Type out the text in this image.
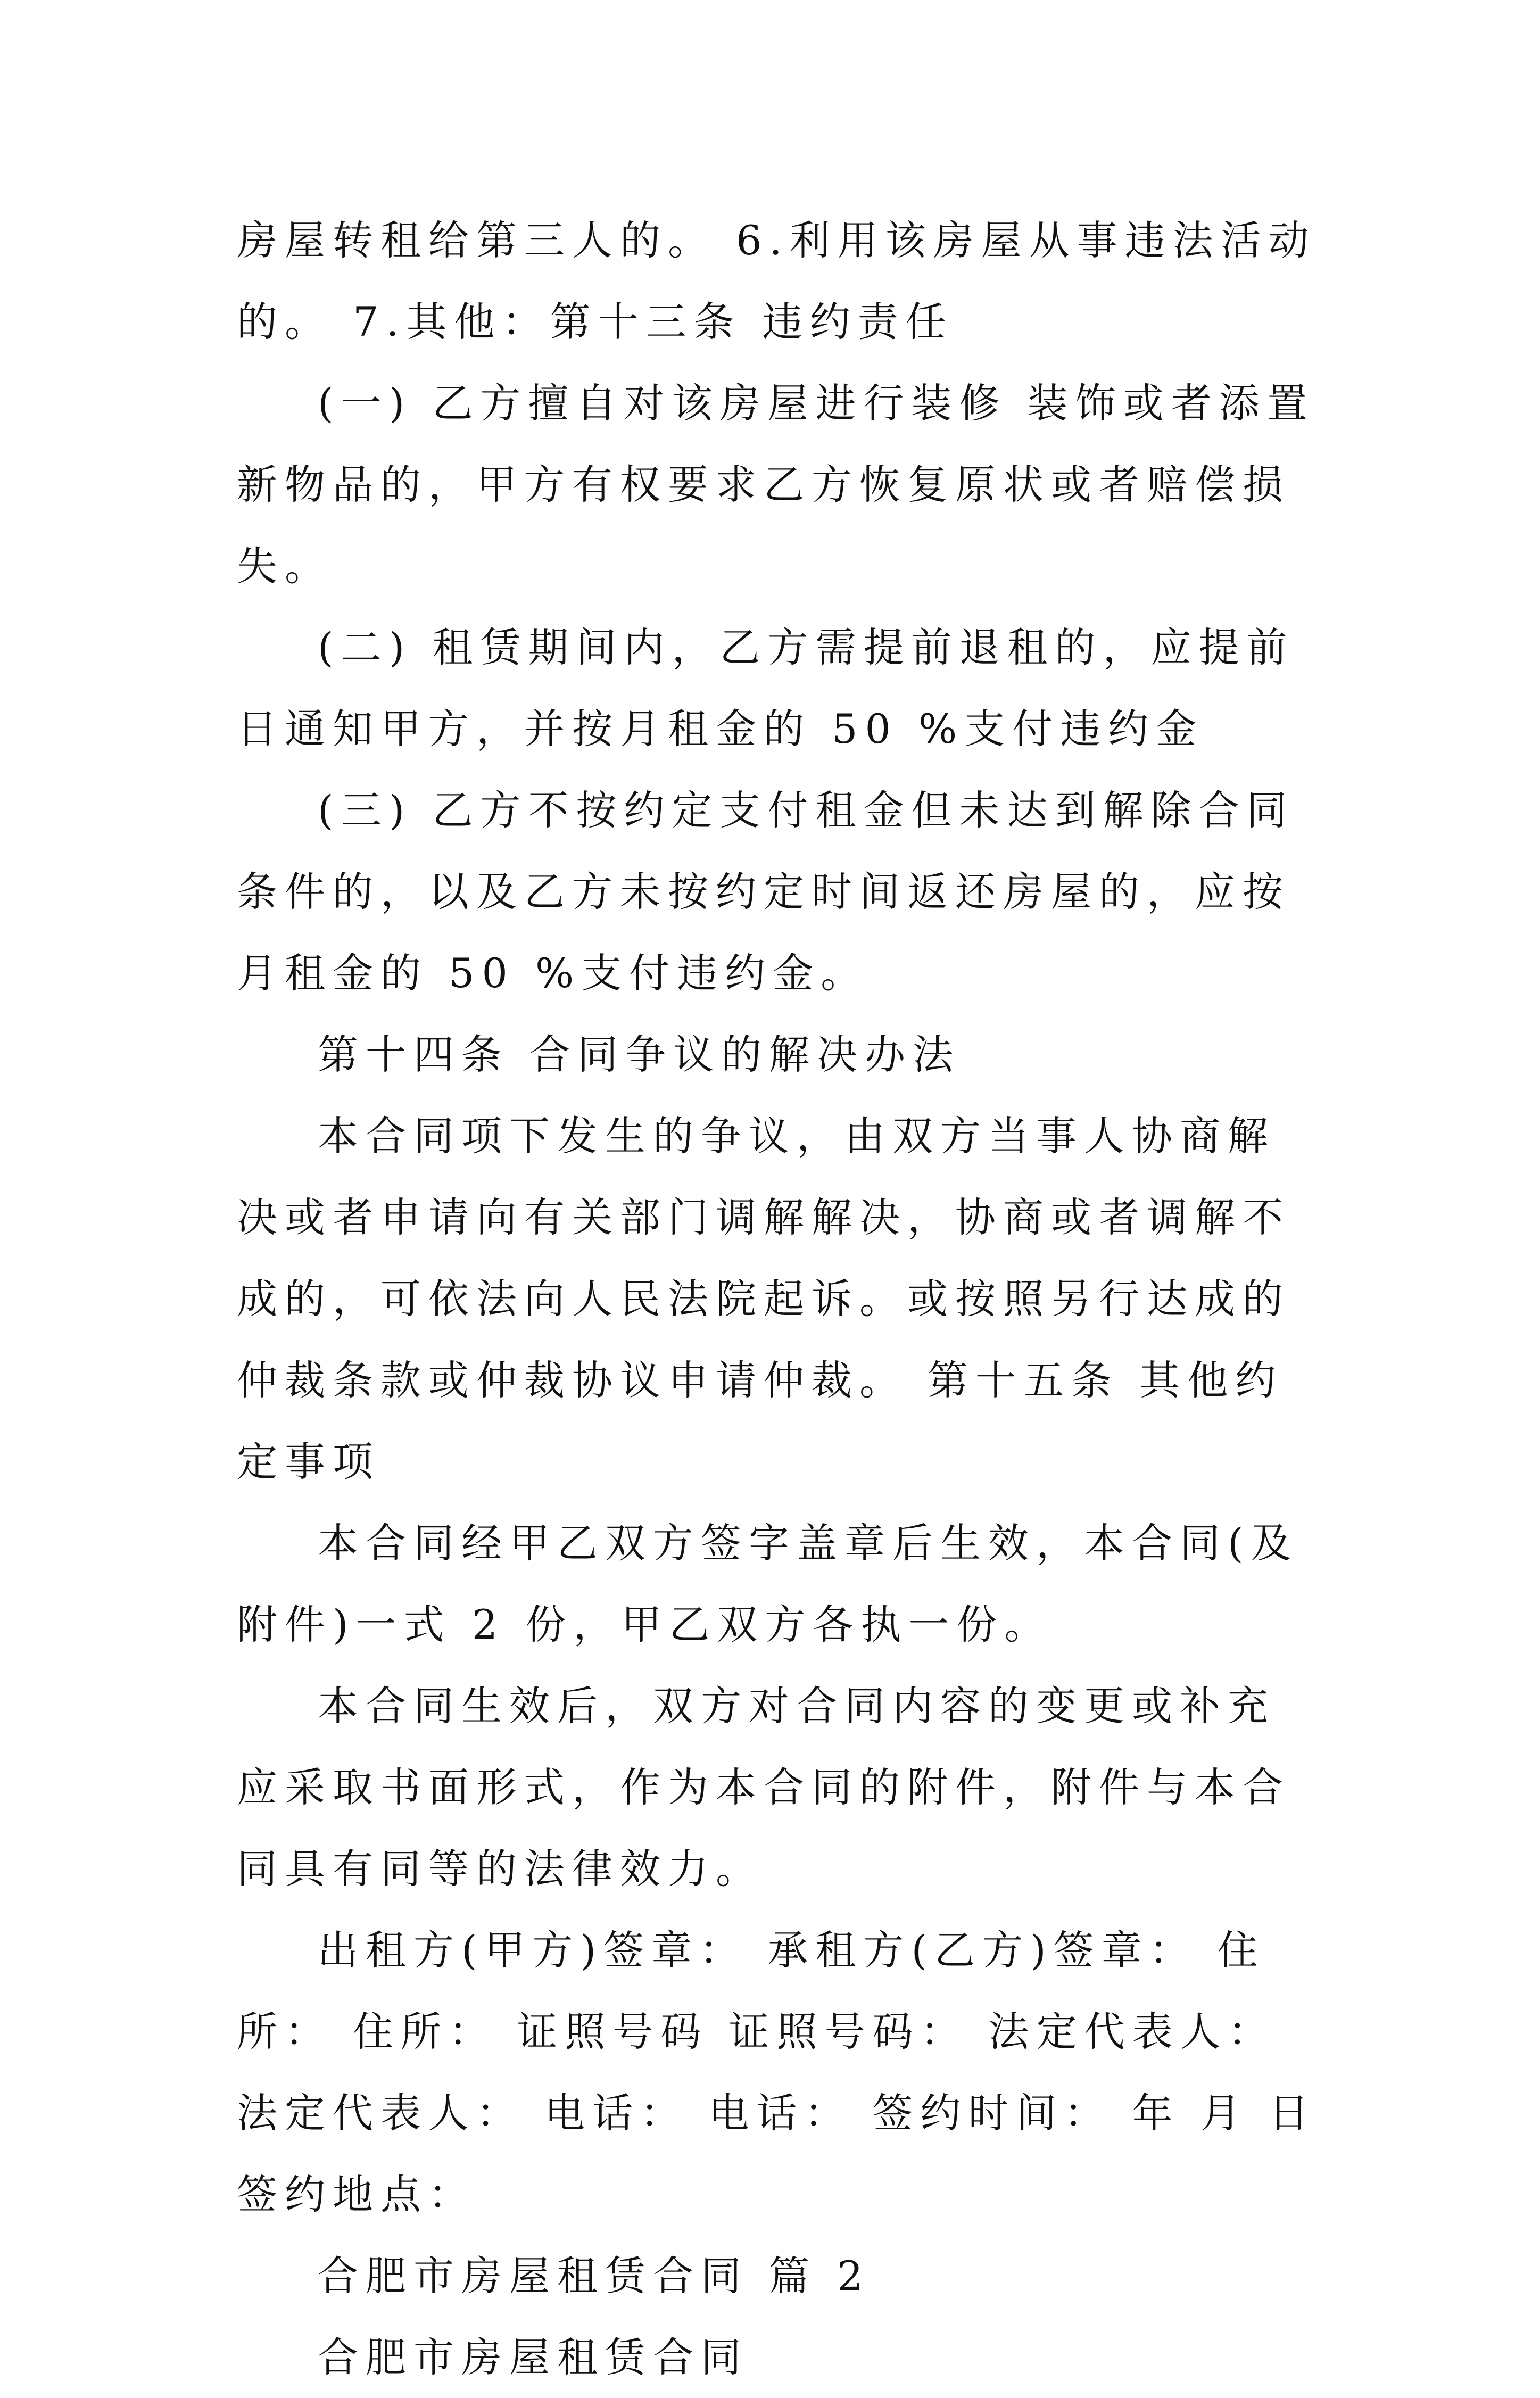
房屋转租给第三人的。 6.利用该房屋从事违法活动的。 7.其他：第十三条 违约责任

(一) 乙方擅自对该房屋进行装修 装饰或者添置新物品的，甲方有权要求乙方恢复原状或者赔偿损失。

(二) 租赁期间内，乙方需提前退租的，应提前日通知甲方，并按月租金的 50 %支付违约金

(三) 乙方不按约定支付租金但未达到解除合同条件的，以及乙方未按约定时间返还房屋的，应按月租金的 50 %支付违约金。

第十四条 合同争议的解决办法

本合同项下发生的争议，由双方当事人协商解决或者申请向有关部门调解解决，协商或者调解不成的，可依法向人民法院起诉。或按照另行达成的仲裁条款或仲裁协议申请仲裁。 第十五条 其他约定事项

本合同经甲乙双方签字盖章后生效，本合同(及附件)一式 2 份，甲乙双方各执一份。

本合同生效后，双方对合同内容的变更或补充应采取书面形式，作为本合同的附件，附件与本合同具有同等的法律效力。

出租方(甲方)签章： 承租方(乙方)签章： 住所： 住所： 证照号码 证照号码： 法定代表人： 法定代表人： 电话： 电话： 签约时间： 年 月 日 签约地点：

合肥市房屋租赁合同 篇 2

合肥市房屋租赁合同
